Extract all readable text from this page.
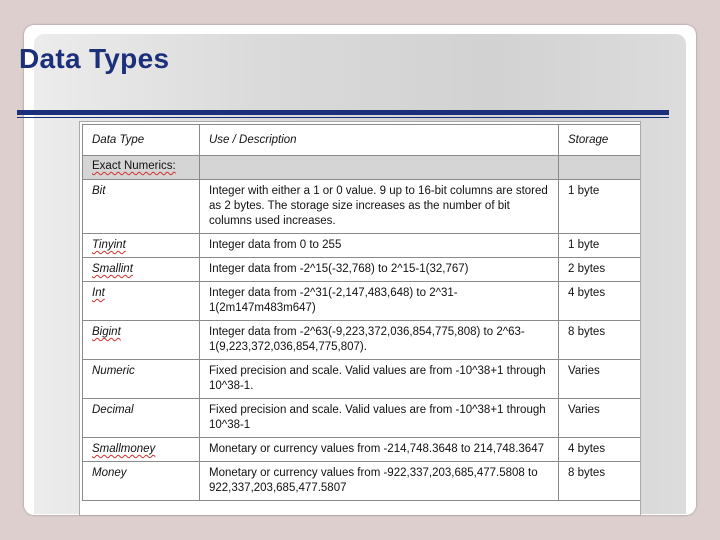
Data Types
Data Type	Use / Description	Storage
Exact Numerics:		
Bit	Integer with either a 1 or 0 value. 9 up to 16-bit columns are stored as 2 bytes. The storage size increases as the number of bit columns used increases.	1 byte
Tinyint	Integer data from 0 to 255	1 byte
Smallint	Integer data from -2^15(-32,768) to 2^15-1(32,767)	2 bytes
Int	Integer data from -2^31(-2,147,483,648) to 2^31-1(2m147m483m647)	4 bytes
Bigint	Integer data from -2^63(-9,223,372,036,854,775,808) to 2^63-1(9,223,372,036,854,775,807).	8 bytes
Numeric	Fixed precision and scale. Valid values are from -10^38+1 through 10^38-1.	Varies
Decimal	Fixed precision and scale. Valid values are from -10^38+1 through 10^38-1	Varies
Smallmoney	Monetary or currency values from -214,748.3648 to 214,748.3647	4 bytes
Money	Monetary or currency values from -922,337,203,685,477.5808 to 922,337,203,685,477.5807	8 bytes
